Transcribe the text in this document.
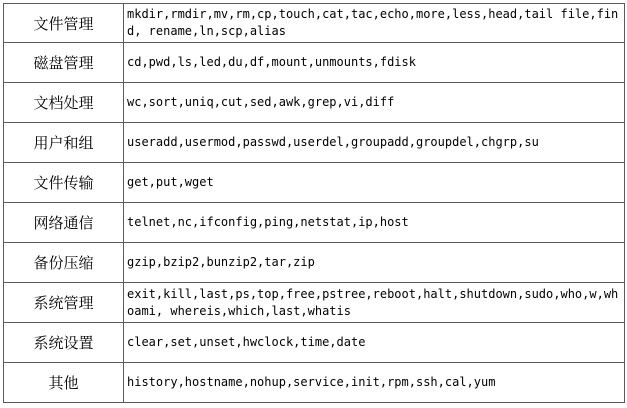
文件管理	mkdir,rmdir,mv,rm,cp,touch,cat,tac,echo,more,less,head,tail file,find, rename,ln,scp,alias
磁盘管理	cd,pwd,ls,led,du,df,mount,unmounts,fdisk
文档处理	wc,sort,uniq,cut,sed,awk,grep,vi,diff
用户和组	useradd,usermod,passwd,userdel,groupadd,groupdel,chgrp,su
文件传输	get,put,wget
网络通信	telnet,nc,ifconfig,ping,netstat,ip,host
备份压缩	gzip,bzip2,bunzip2,tar,zip
系统管理	exit,kill,last,ps,top,free,pstree,reboot,halt,shutdown,sudo,who,w,whoami, whereis,which,last,whatis
系统设置	clear,set,unset,hwclock,time,date
其他	history,hostname,nohup,service,init,rpm,ssh,cal,yum
